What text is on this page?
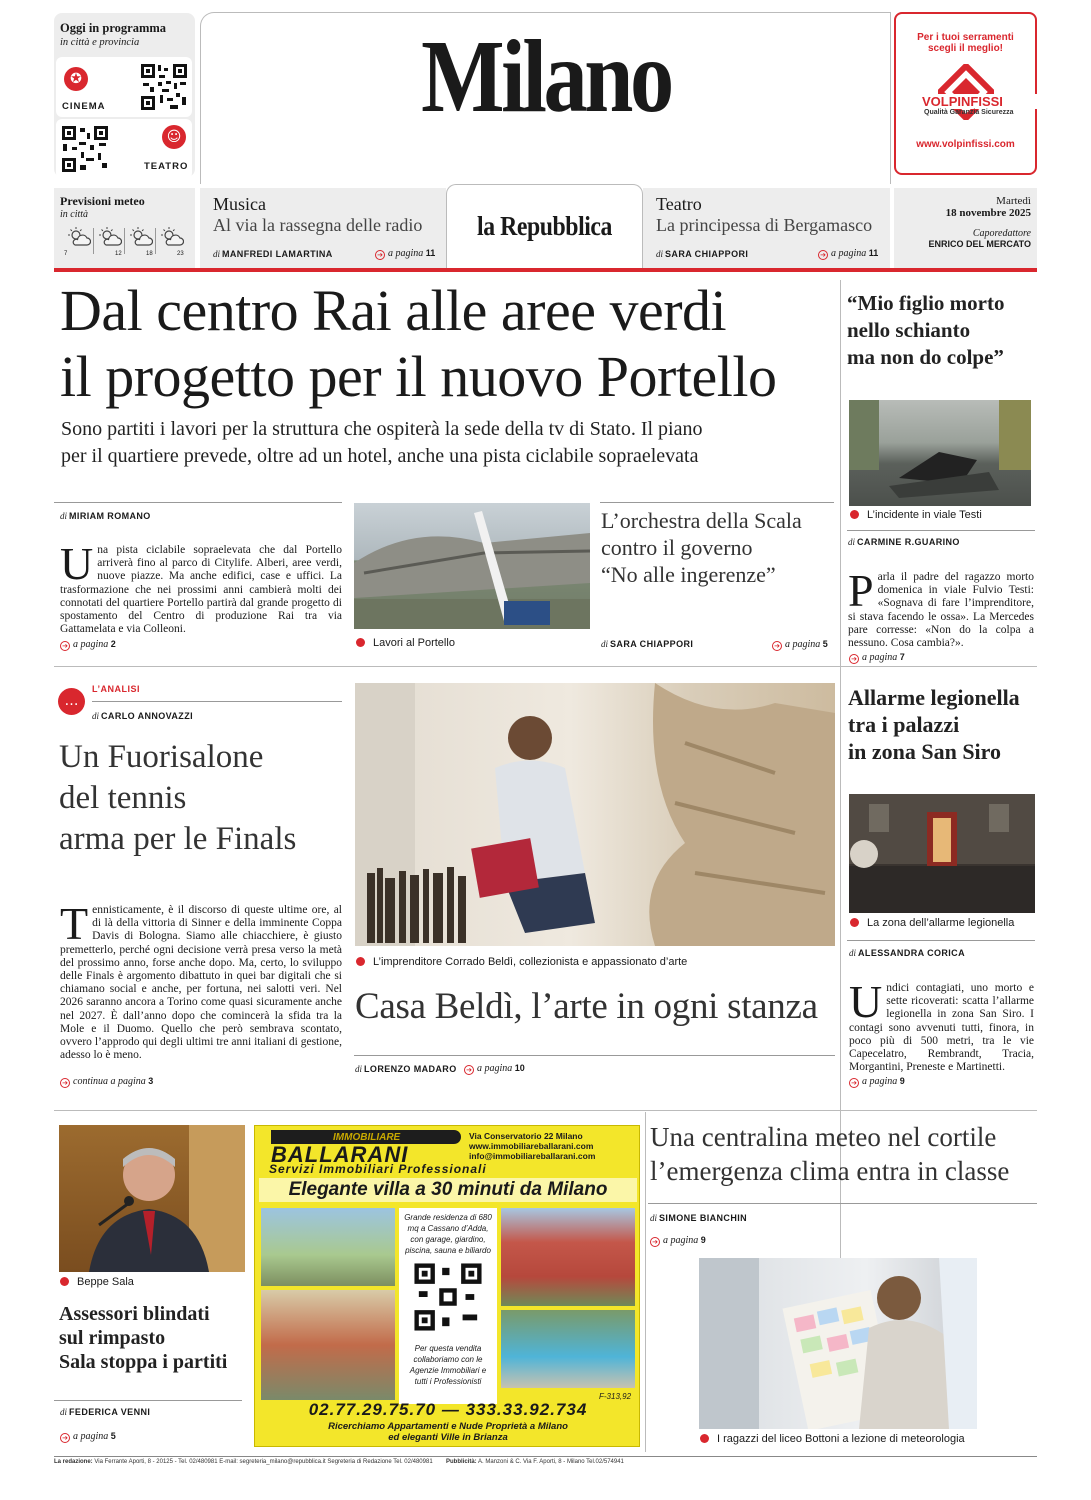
Oggi in programma
in città e provincia
✪
CINEMA
☺
TEATRO
Milano	Per i tuoi serramenti
scegli il meglio!
VOLPINFISSI
Qualità Garanzia Sicurezza
www.volpinfissi.com
Previsioni meteo
in città
7	12	18	23
Musica
Al via la rassegna delle radio
di MANFREDI LAMARTINA	➔ a pagina 11
la Repubblica
Teatro
La principessa di Bergamasco
di SARA CHIAPPORI	➔ a pagina 11
Martedì
18 novembre 2025
Caporedattore
ENRICO DEL MERCATO
Dal centro Rai alle aree verdi
il progetto per il nuovo Portello
Sono partiti i lavori per la struttura che ospiterà la sede della tv di Stato. Il piano
per il quartiere prevede, oltre ad un hotel, anche una pista ciclabile sopraelevata
di MIRIAM ROMANO
Una pista ciclabile sopraelevata che dal Portello arriverà fino al parco di Citylife. Alberi, aree verdi, nuove piazze. Ma anche edifici, case e uffici. La trasformazione che nei prossimi anni cambierà molti dei connotati del quartiere Portello partirà dal grande progetto di spostamento del Centro di produzione Rai tra via Gattamelata e via Colleoni.
➔ a pagina 2	Lavori al Portello
L’orchestra della Scala
contro il governo
“No alle ingerenze”
di SARA CHIAPPORI	➔ a pagina 5
“Mio figlio morto
nello schianto
ma non do colpe”
L’incidente in viale Testi
di CARMINE R.GUARINO
Parla il padre del ragazzo morto domenica in viale Fulvio Testi: «Sognava di fare l’imprenditore, si stava facendo le ossa». La Mercedes pare corresse: «Non do la colpa a nessuno. Cosa cambia?».
➔ a pagina 7
…
L’ANALISI
di CARLO ANNOVAZZI
Un Fuorisalone
del tennis
arma per le Finals
Tennisticamente, è il discorso di queste ultime ore, al di là della vittoria di Sinner e della imminente Coppa Davis di Bologna. Siamo alle chiacchiere, è giusto premetterlo, perché ogni decisione verrà presa verso la metà del prossimo anno, forse anche dopo. Ma, certo, lo sviluppo delle Finals è argomento dibattuto in quei bar digitali che si chiamano social e anche, per fortuna, nei salotti veri. Nel 2026 saranno ancora a Torino come quasi sicuramente anche nel 2027. È dall’anno dopo che comincerà la sfida tra la Mole e il Duomo. Quello che però sembrava scontato, ovvero l’approdo qui degli ultimi tre anni italiani di gestione, adesso lo è meno.
➔ continua a pagina 3
L’imprenditore Corrado Beldì, collezionista e appassionato d’arte
Casa Beldì, l’arte in ogni stanza
di LORENZO MADARO ➔ a pagina 10
Allarme legionella
tra i palazzi
in zona San Siro
La zona dell’allarme legionella
di ALESSANDRA CORICA
Undici contagiati, uno morto e sette ricoverati: scatta l’allarme legionella in zona San Siro. I contagi sono avvenuti tutti, finora, in poco più di 500 metri, tra le vie Capecelatro, Rembrandt, Tracia, Morgantini, Preneste e Martinetti.
➔ a pagina 9
Beppe Sala
Assessori blindati
sul rimpasto
Sala stoppa i partiti
di FEDERICA VENNI
➔ a pagina 5
IMMOBILIARE
BALLARANI
Via Conservatorio 22 Milano
www.immobiliareballarani.com
info@immobiliareballarani.com
Servizi Immobiliari Professionali
Elegante villa a 30 minuti da Milano
Grande residenza di 680 mq a Cassano d’Adda, con garage, giardino, piscina, sauna e biliardo
Per questa vendita collaboriamo con le Agenzie Immobiliari e tutti i Professionisti
F-313,92
02.77.29.75.70 — 333.33.92.734
Ricerchiamo Appartamenti e Nude Proprietà a Milano
ed eleganti Ville in Brianza
Una centralina meteo nel cortile
l’emergenza clima entra in classe
di SIMONE BIANCHIN
➔ a pagina 9
I ragazzi del liceo Bottoni a lezione di meteorologia
La redazione: Via Ferrante Aporti, 8 - 20125 - Tel. 02/480981 E-mail: segreteria_milano@repubblica.it Segreteria di Redazione Tel. 02/480981 Pubblicità: A. Manzoni & C. Via F. Aporti, 8 - Milano Tel.02/574941
